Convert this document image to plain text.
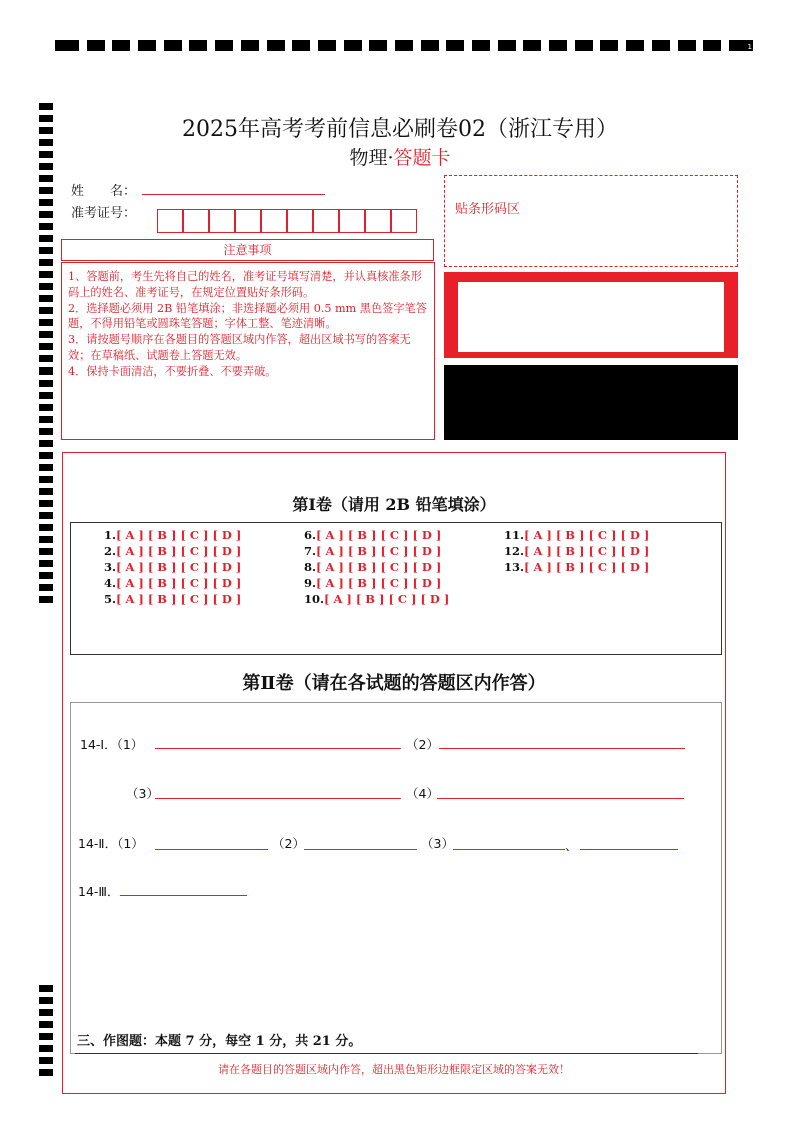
1
2025年高考考前信息必刷卷02（浙江专用）
物理·答题卡
姓　　名：
准考证号：
注意事项
1、答题前，考生先将自己的姓名，准考证号填写清楚，并认真核准条形码上的姓名、准考证号，在规定位置贴好条形码。
2．选择题必须用 2B 铅笔填涂；非选择题必须用 0.5 mm 黑色签字笔答题，不得用铅笔或圆珠笔答题；字体工整、笔迹清晰。
3．请按题号顺序在各题目的答题区域内作答，超出区域书写的答案无效；在草稿纸、试题卷上答题无效。
4．保持卡面清洁，不要折叠、不要弄破。
贴条形码区
第Ⅰ卷（请用 2B 铅笔填涂）
1.[ A ] [ B ] [ C ] [ D ]
2.[ A ] [ B ] [ C ] [ D ]
3.[ A ] [ B ] [ C ] [ D ]
4.[ A ] [ B ] [ C ] [ D ]
5.[ A ] [ B ] [ C ] [ D ]
6.[ A ] [ B ] [ C ] [ D ]
7.[ A ] [ B ] [ C ] [ D ]
8.[ A ] [ B ] [ C ] [ D ]
9.[ A ] [ B ] [ C ] [ D ]
10.[ A ] [ B ] [ C ] [ D ]
11.[ A ] [ B ] [ C ] [ D ]
12.[ A ] [ B ] [ C ] [ D ]
13.[ A ] [ B ] [ C ] [ D ]
第Ⅱ卷（请在各试题的答题区内作答）
14-Ⅰ．（1）	（2）
（3）	（4）
14-Ⅱ．（1）	（2）	（3）	、
14-Ⅲ．
三、作图题：本题 7 分，每空 1 分，共 21 分。
请在各题目的答题区域内作答，超出黑色矩形边框限定区域的答案无效！
